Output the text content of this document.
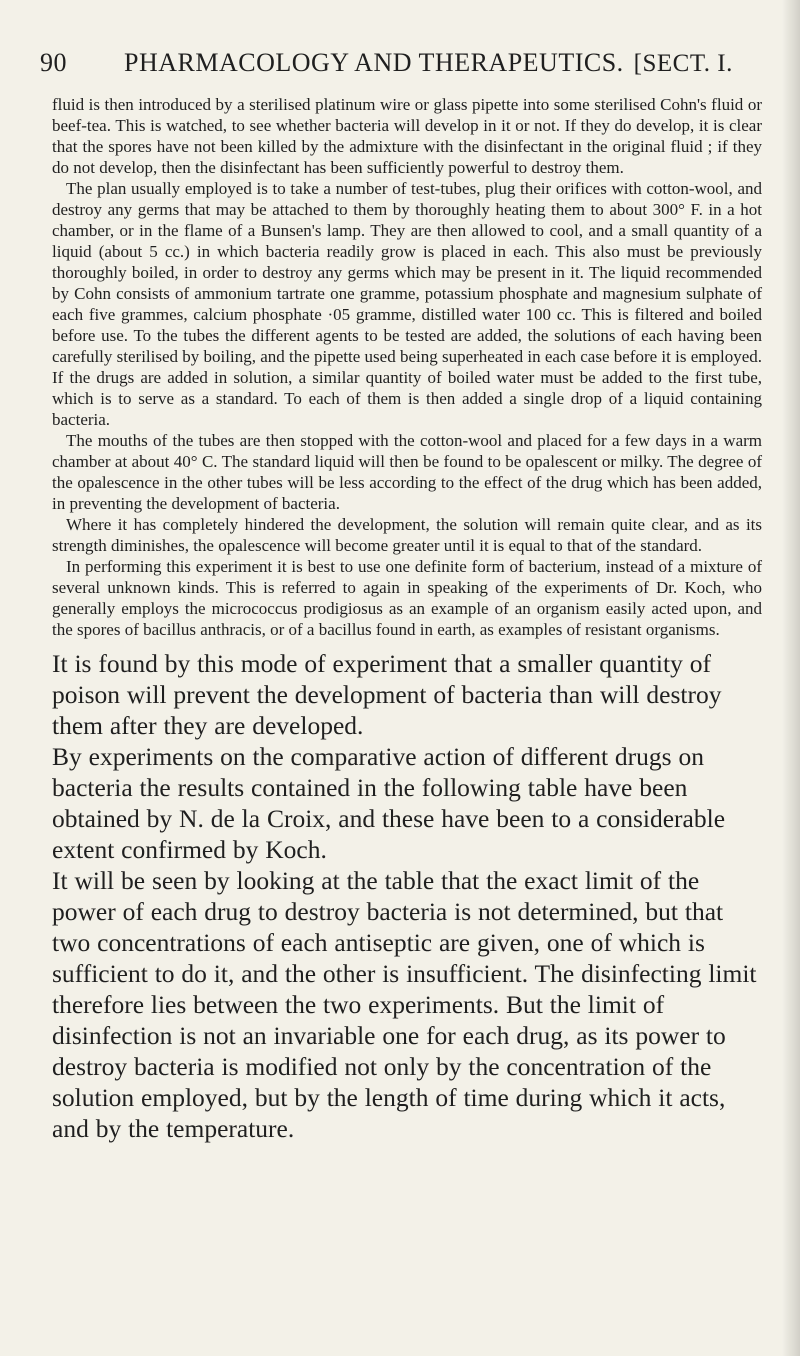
90	PHARMACOLOGY AND THERAPEUTICS. [SECT. I.

fluid is then introduced by a sterilised platinum wire or glass pipette into some sterilised Cohn's fluid or beef-tea. This is watched, to see whether bacteria will develop in it or not. If they do develop, it is clear that the spores have not been killed by the admixture with the disinfectant in the original fluid ; if they do not develop, then the disinfectant has been sufficiently powerful to destroy them.

The plan usually employed is to take a number of test-tubes, plug their orifices with cotton-wool, and destroy any germs that may be attached to them by thoroughly heating them to about 300° F. in a hot chamber, or in the flame of a Bunsen's lamp. They are then allowed to cool, and a small quantity of a liquid (about 5 cc.) in which bacteria readily grow is placed in each. This also must be previously thoroughly boiled, in order to destroy any germs which may be present in it. The liquid recommended by Cohn consists of ammonium tartrate one gramme, potassium phosphate and magnesium sulphate of each five grammes, calcium phosphate ·05 gramme, distilled water 100 cc. This is filtered and boiled before use. To the tubes the different agents to be tested are added, the solutions of each having been carefully sterilised by boiling, and the pipette used being superheated in each case before it is employed. If the drugs are added in solution, a similar quantity of boiled water must be added to the first tube, which is to serve as a standard. To each of them is then added a single drop of a liquid containing bacteria.

The mouths of the tubes are then stopped with the cotton-wool and placed for a few days in a warm chamber at about 40° C. The standard liquid will then be found to be opalescent or milky. The degree of the opalescence in the other tubes will be less according to the effect of the drug which has been added, in preventing the development of bacteria.

Where it has completely hindered the development, the solution will remain quite clear, and as its strength diminishes, the opalescence will become greater until it is equal to that of the standard.

In performing this experiment it is best to use one definite form of bacterium, instead of a mixture of several unknown kinds. This is referred to again in speaking of the experiments of Dr. Koch, who generally employs the micrococcus prodigiosus as an example of an organism easily acted upon, and the spores of bacillus anthracis, or of a bacillus found in earth, as examples of resistant organisms.

It is found by this mode of experiment that a smaller quantity of poison will prevent the development of bacteria than will destroy them after they are developed.

By experiments on the comparative action of different drugs on bacteria the results contained in the following table have been obtained by N. de la Croix, and these have been to a considerable extent confirmed by Koch.

It will be seen by looking at the table that the exact limit of the power of each drug to destroy bacteria is not determined, but that two concentrations of each antiseptic are given, one of which is sufficient to do it, and the other is insufficient. The disinfecting limit therefore lies between the two experiments. But the limit of disinfection is not an invariable one for each drug, as its power to destroy bacteria is modified not only by the concentration of the solution employed, but by the length of time during which it acts, and by the temperature.
